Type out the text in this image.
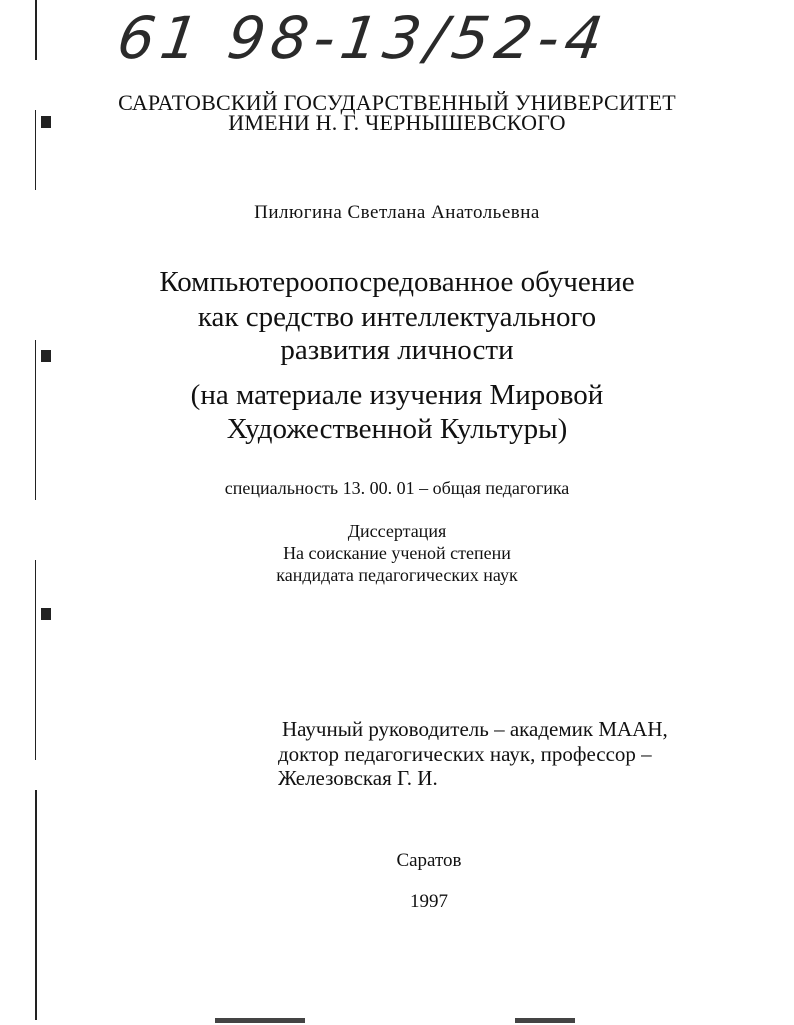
61 98-13/52-4
САРАТОВСКИЙ ГОСУДАРСТВЕННЫЙ УНИВЕРСИТЕТ
ИМЕНИ Н. Г. ЧЕРНЫШЕВСКОГО
Пилюгина Светлана Анатольевна
Компьютероопосредованное обучение
как средство интеллектуального
развития личности
(на материале изучения Мировой
Художественной Культуры)
специальность 13. 00. 01 – общая педагогика
Диссертация
На соискание ученой степени
кандидата педагогических наук
Научный руководитель – академик МААН,
доктор педагогических наук, профессор –
Железовская Г. И.
Саратов
1997
